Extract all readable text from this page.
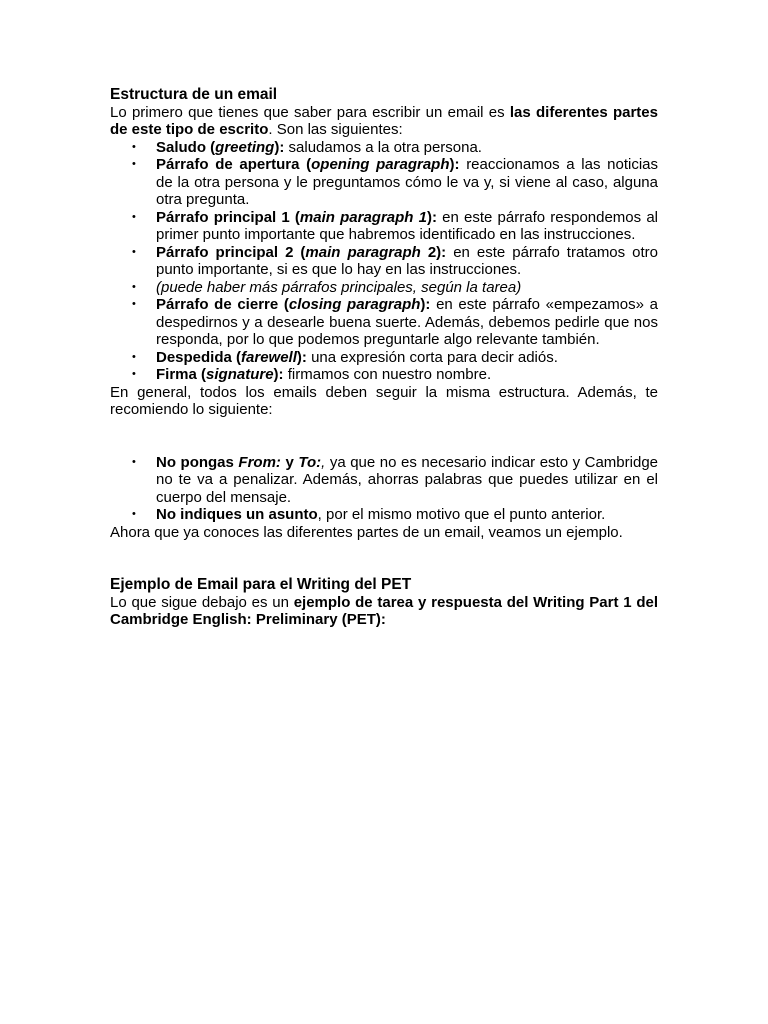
Estructura de un email

Lo primero que tienes que saber para escribir un email es las diferentes partes de este tipo de escrito. Son las siguientes:

• Saludo (greeting): saludamos a la otra persona.
• Párrafo de apertura (opening paragraph): reaccionamos a las noticias de la otra persona y le preguntamos cómo le va y, si viene al caso, alguna otra pregunta.
• Párrafo principal 1 (main paragraph 1): en este párrafo respondemos al primer punto importante que habremos identificado en las instrucciones.
• Párrafo principal 2 (main paragraph 2): en este párrafo tratamos otro punto importante, si es que lo hay en las instrucciones.
• (puede haber más párrafos principales, según la tarea)
• Párrafo de cierre (closing paragraph): en este párrafo «empezamos» a despedirnos y a desearle buena suerte. Además, debemos pedirle que nos responda, por lo que podemos preguntarle algo relevante también.
• Despedida (farewell): una expresión corta para decir adiós.
• Firma (signature): firmamos con nuestro nombre.

En general, todos los emails deben seguir la misma estructura. Además, te recomiendo lo siguiente:

• No pongas From: y To:, ya que no es necesario indicar esto y Cambridge no te va a penalizar. Además, ahorras palabras que puedes utilizar en el cuerpo del mensaje.
• No indiques un asunto, por el mismo motivo que el punto anterior.

Ahora que ya conoces las diferentes partes de un email, veamos un ejemplo.

Ejemplo de Email para el Writing del PET

Lo que sigue debajo es un ejemplo de tarea y respuesta del Writing Part 1 del Cambridge English: Preliminary (PET):
